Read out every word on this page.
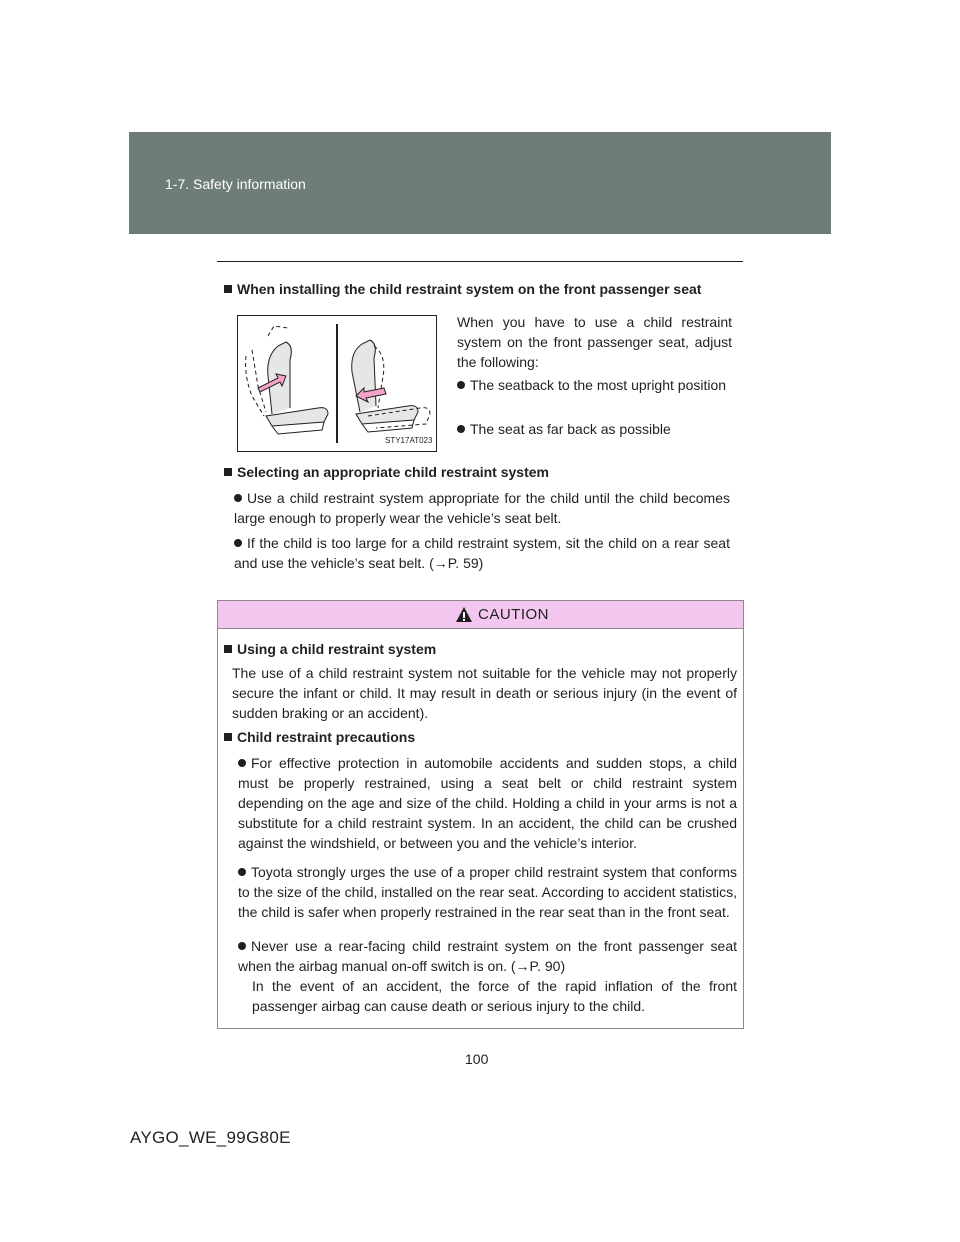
1-7. Safety information
When installing the child restraint system on the front passenger seat
STY17AT023
When you have to use a child restraint system on the front passenger seat, adjust the following:
The seatback to the most upright position
The seat as far back as possible
Selecting an appropriate child restraint system
Use a child restraint system appropriate for the child until the child becomes large enough to properly wear the vehicle’s seat belt.
If the child is too large for a child restraint system, sit the child on a rear seat and use the vehicle’s seat belt. (→P. 59)
CAUTION
Using a child restraint system
The use of a child restraint system not suitable for the vehicle may not properly secure the infant or child. It may result in death or serious injury (in the event of sudden braking or an accident).
Child restraint precautions
For effective protection in automobile accidents and sudden stops, a child must be properly restrained, using a seat belt or child restraint system depending on the age and size of the child. Holding a child in your arms is not a substitute for a child restraint system. In an accident, the child can be crushed against the windshield, or between you and the vehicle’s interior.
Toyota strongly urges the use of a proper child restraint system that conforms to the size of the child, installed on the rear seat. According to accident statistics, the child is safer when properly restrained in the rear seat than in the front seat.
Never use a rear-facing child restraint system on the front passenger seat when the airbag manual on-off switch is on. (→P. 90)
In the event of an accident, the force of the rapid inflation of the front passenger airbag can cause death or serious injury to the child.
100
AYGO_WE_99G80E
